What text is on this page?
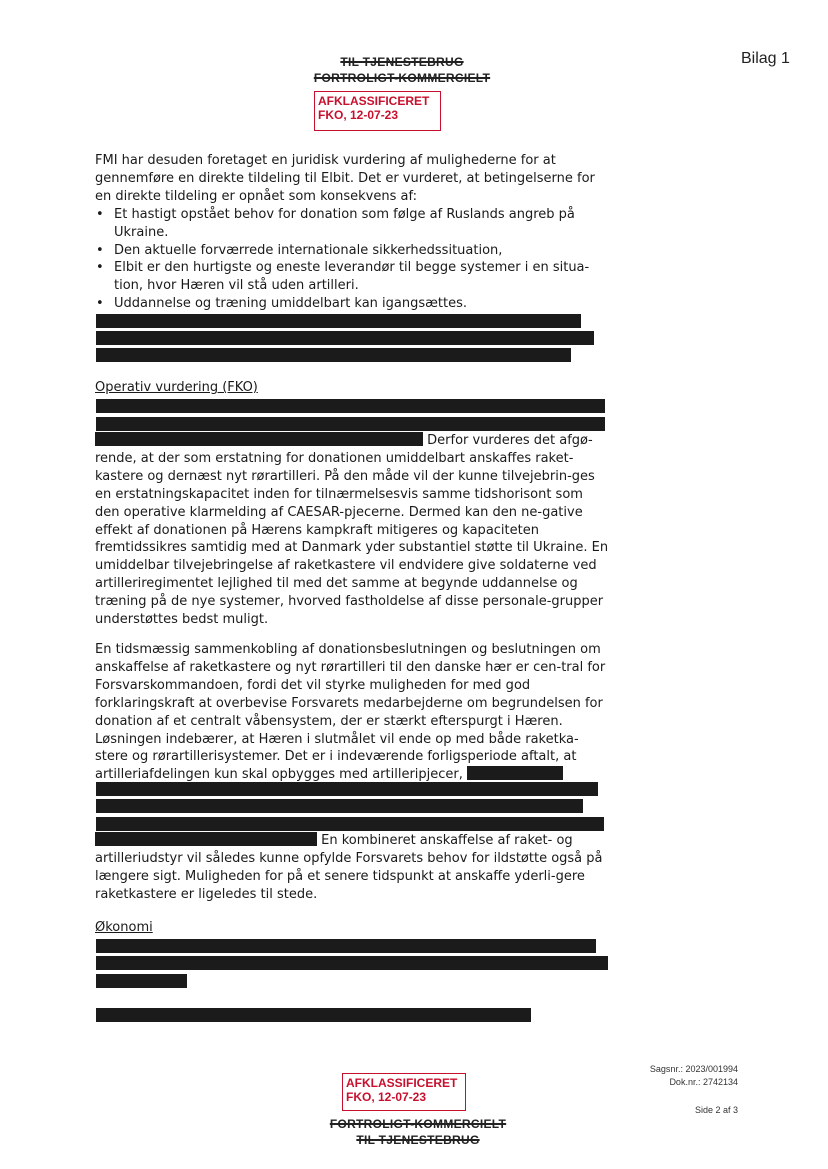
TIL TJENESTEBRUG
FORTROLIGT-KOMMERCIELT
AFKLASSIFICERET
FKO, 12-07-23
Bilag 1
FMI har desuden foretaget en juridisk vurdering af mulighederne for at gennemføre en direkte tildeling til Elbit. Det er vurderet, at betingelserne for en direkte tildeling er opnået som konsekvens af:
• Et hastigt opstået behov for donation som følge af Ruslands angreb på Ukraine.
• Den aktuelle forværrede internationale sikkerhedssituation,
• Elbit er den hurtigste og eneste leverandør til begge systemer i en situa-tion, hvor Hæren vil stå uden artilleri.
• Uddannelse og træning umiddelbart kan igangsættes.
Operativ vurdering (FKO)
Derfor vurderes det afgø-rende, at der som erstatning for donationen umiddelbart anskaffes raket-kastere og dernæst nyt rørartilleri. På den måde vil der kunne tilvejebrin-ges en erstatningskapacitet inden for tilnærmelsesvis samme tidshorisont som den operative klarmelding af CAESAR-pjecerne. Dermed kan den ne-gative effekt af donationen på Hærens kampkraft mitigeres og kapaciteten fremtidssikres samtidig med at Danmark yder substantiel støtte til Ukraine. En umiddelbar tilvejebringelse af raketkastere vil endvidere give soldaterne ved artilleriregimentet lejlighed til med det samme at begynde uddannelse og træning på de nye systemer, hvorved fastholdelse af disse personale-grupper understøttes bedst muligt.
En tidsmæssig sammenkobling af donationsbeslutningen og beslutningen om anskaffelse af raketkastere og nyt rørartilleri til den danske hær er cen-tral for Forsvarskommandoen, fordi det vil styrke muligheden for med god forklaringskraft at overbevise Forsvarets medarbejderne om begrundelsen for donation af et centralt våbensystem, der er stærkt efterspurgt i Hæren. Løsningen indebærer, at Hæren i slutmålet vil ende op med både raketka-stere og rørartillerisystemer. Det er i indeværende forligsperiode aftalt, at artilleriafdelingen kun skal opbygges med artilleripjecer,
En kombineret anskaffelse af raket- og artilleriudstyr vil således kunne opfylde Forsvarets behov for ildstøtte også på længere sigt. Muligheden for på et senere tidspunkt at anskaffe yderli-gere raketkastere er ligeledes til stede.
Økonomi
Sagsnr.: 2023/001994
Dok.nr.: 2742134
Side 2 af 3
AFKLASSIFICERET
FKO, 12-07-23
FORTROLIGT-KOMMERCIELT
TIL TJENESTEBRUG
